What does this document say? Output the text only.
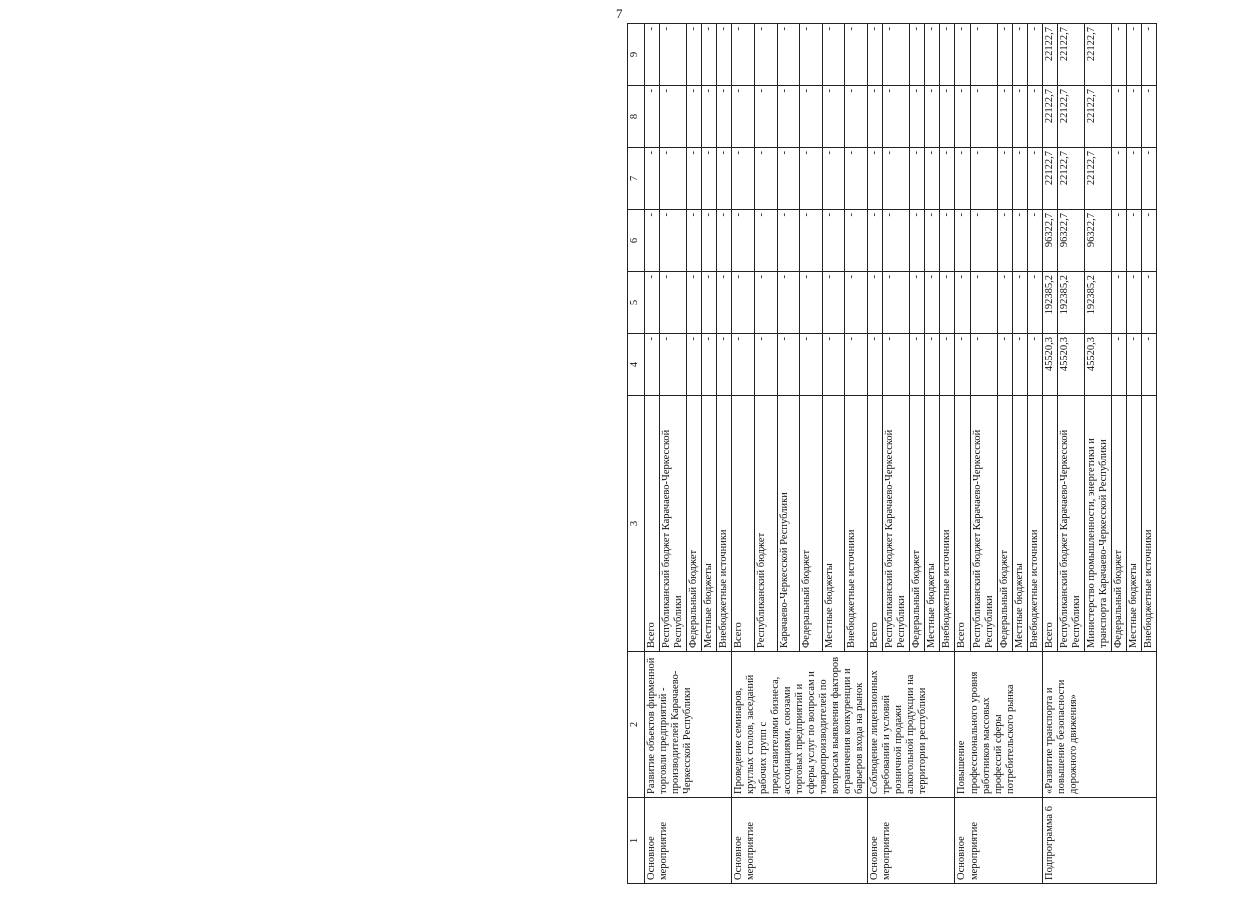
7
1	2	3	4	5	6	7	8	9
Основное мероприятие	Развитие объектов фирменной торговли предприятий - производителей Карачаево-Черкесской Республики	Всего	-	-	-	-	-	-
		Республиканский бюджет Карачаево-Черкесской Республики	-	-	-	-	-	-
		Федеральный бюджет	-	-	-	-	-	-
		Местные бюджеты	-	-	-	-	-	-
		Внебюджетные источники	-	-	-	-	-	-
Основное мероприятие	Проведение семинаров, круглых столов, заседаний рабочих групп с представителями бизнеса, ассоциациями, союзами торговых предприятий и сферы услуг по вопросам и товаропроизводителей по вопросам выявления факторов ограничения конкуренции и барьеров входа на рынок	Всего	-	-	-	-	-	-
		Республиканский бюджет	-	-	-	-	-	-
		Карачаево-Черкесской Республики	-	-	-	-	-	-
		Федеральный бюджет	-	-	-	-	-	-
		Местные бюджеты	-	-	-	-	-	-
		Внебюджетные источники	-	-	-	-	-	-
Основное мероприятие	Соблюдение лицензионных требований и условий розничной продажи алкогольной продукции на территории республики	Всего	-	-	-	-	-	-
		Республиканский бюджет Карачаево-Черкесской Республики	-	-	-	-	-	-
		Федеральный бюджет	-	-	-	-	-	-
		Местные бюджеты	-	-	-	-	-	-
		Внебюджетные источники	-	-	-	-	-	-
Основное мероприятие	Повышение профессионального уровня работников массовых профессий сферы потребительского рынка	Всего	-	-	-	-	-	-
		Республиканский бюджет Карачаево-Черкесской Республики	-	-	-	-	-	-
		Федеральный бюджет	-	-	-	-	-	-
		Местные бюджеты	-	-	-	-	-	-
		Внебюджетные источники	-	-	-	-	-	-
Подпрограмма 6	«Развитие транспорта и повышение безопасности дорожного движения»	Всего	45520,3	192385,2	96322,7	22122,7	22122,7	22122,7
		Республиканский бюджет Карачаево-Черкесской Республики	45520,3	192385,2	96322,7	22122,7	22122,7	22122,7
		Министерство промышленности, энергетики и транспорта Карачаево-Черкесской Республики	45520,3	192385,2	96322,7	22122,7	22122,7	22122,7
		Федеральный бюджет	-	-	-	-	-	-
		Местные бюджеты	-	-	-	-	-	-
		Внебюджетные источники	-	-	-	-	-	-
